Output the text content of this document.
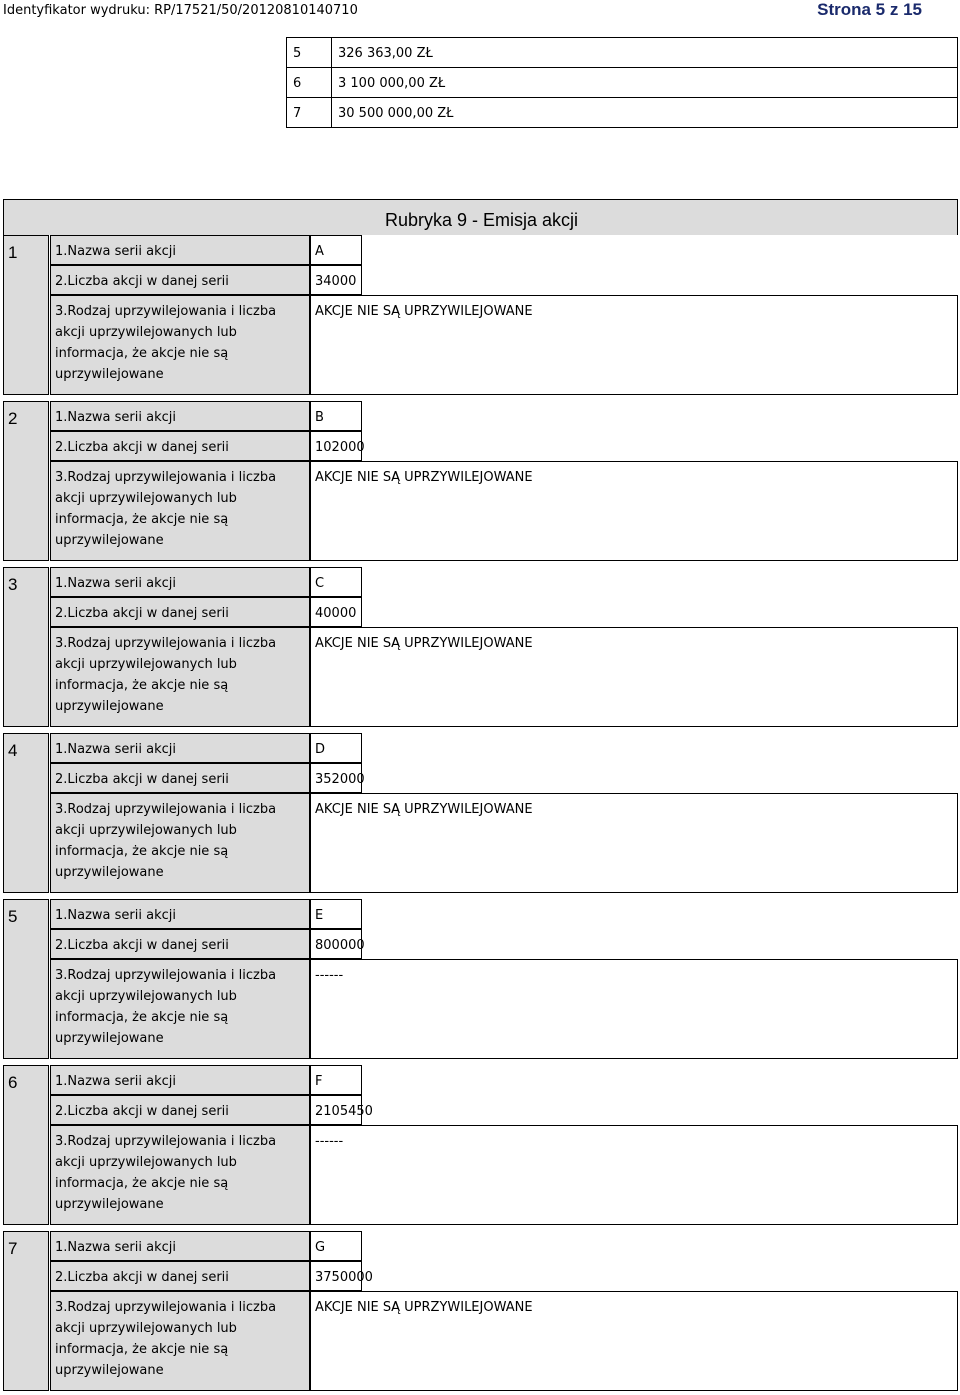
Identyfikator wydruku: RP/17521/50/20120810140710	Strona 5 z 15
5	326 363,00 ZŁ
6	3 100 000,00 ZŁ
7	30 500 000,00 ZŁ
Rubryka 9 - Emisja akcji
1	1.Nazwa serii akcji	A
2.Liczba akcji w danej serii	34000
3.Rodzaj uprzywilejowania i liczba akcji uprzywilejowanych lub informacja, że akcje nie są uprzywilejowane
AKCJE NIE SĄ UPRZYWILEJOWANE
2	1.Nazwa serii akcji	B
2.Liczba akcji w danej serii	102000
3.Rodzaj uprzywilejowania i liczba akcji uprzywilejowanych lub informacja, że akcje nie są uprzywilejowane
AKCJE NIE SĄ UPRZYWILEJOWANE
3	1.Nazwa serii akcji	C
2.Liczba akcji w danej serii	40000
3.Rodzaj uprzywilejowania i liczba akcji uprzywilejowanych lub informacja, że akcje nie są uprzywilejowane
AKCJE NIE SĄ UPRZYWILEJOWANE
4	1.Nazwa serii akcji	D
2.Liczba akcji w danej serii	352000
3.Rodzaj uprzywilejowania i liczba akcji uprzywilejowanych lub informacja, że akcje nie są uprzywilejowane
AKCJE NIE SĄ UPRZYWILEJOWANE
5	1.Nazwa serii akcji	E
2.Liczba akcji w danej serii	800000
3.Rodzaj uprzywilejowania i liczba akcji uprzywilejowanych lub informacja, że akcje nie są uprzywilejowane
------
6	1.Nazwa serii akcji	F
2.Liczba akcji w danej serii	2105450
3.Rodzaj uprzywilejowania i liczba akcji uprzywilejowanych lub informacja, że akcje nie są uprzywilejowane
------
7	1.Nazwa serii akcji	G
2.Liczba akcji w danej serii	3750000
3.Rodzaj uprzywilejowania i liczba akcji uprzywilejowanych lub informacja, że akcje nie są uprzywilejowane
AKCJE NIE SĄ UPRZYWILEJOWANE
